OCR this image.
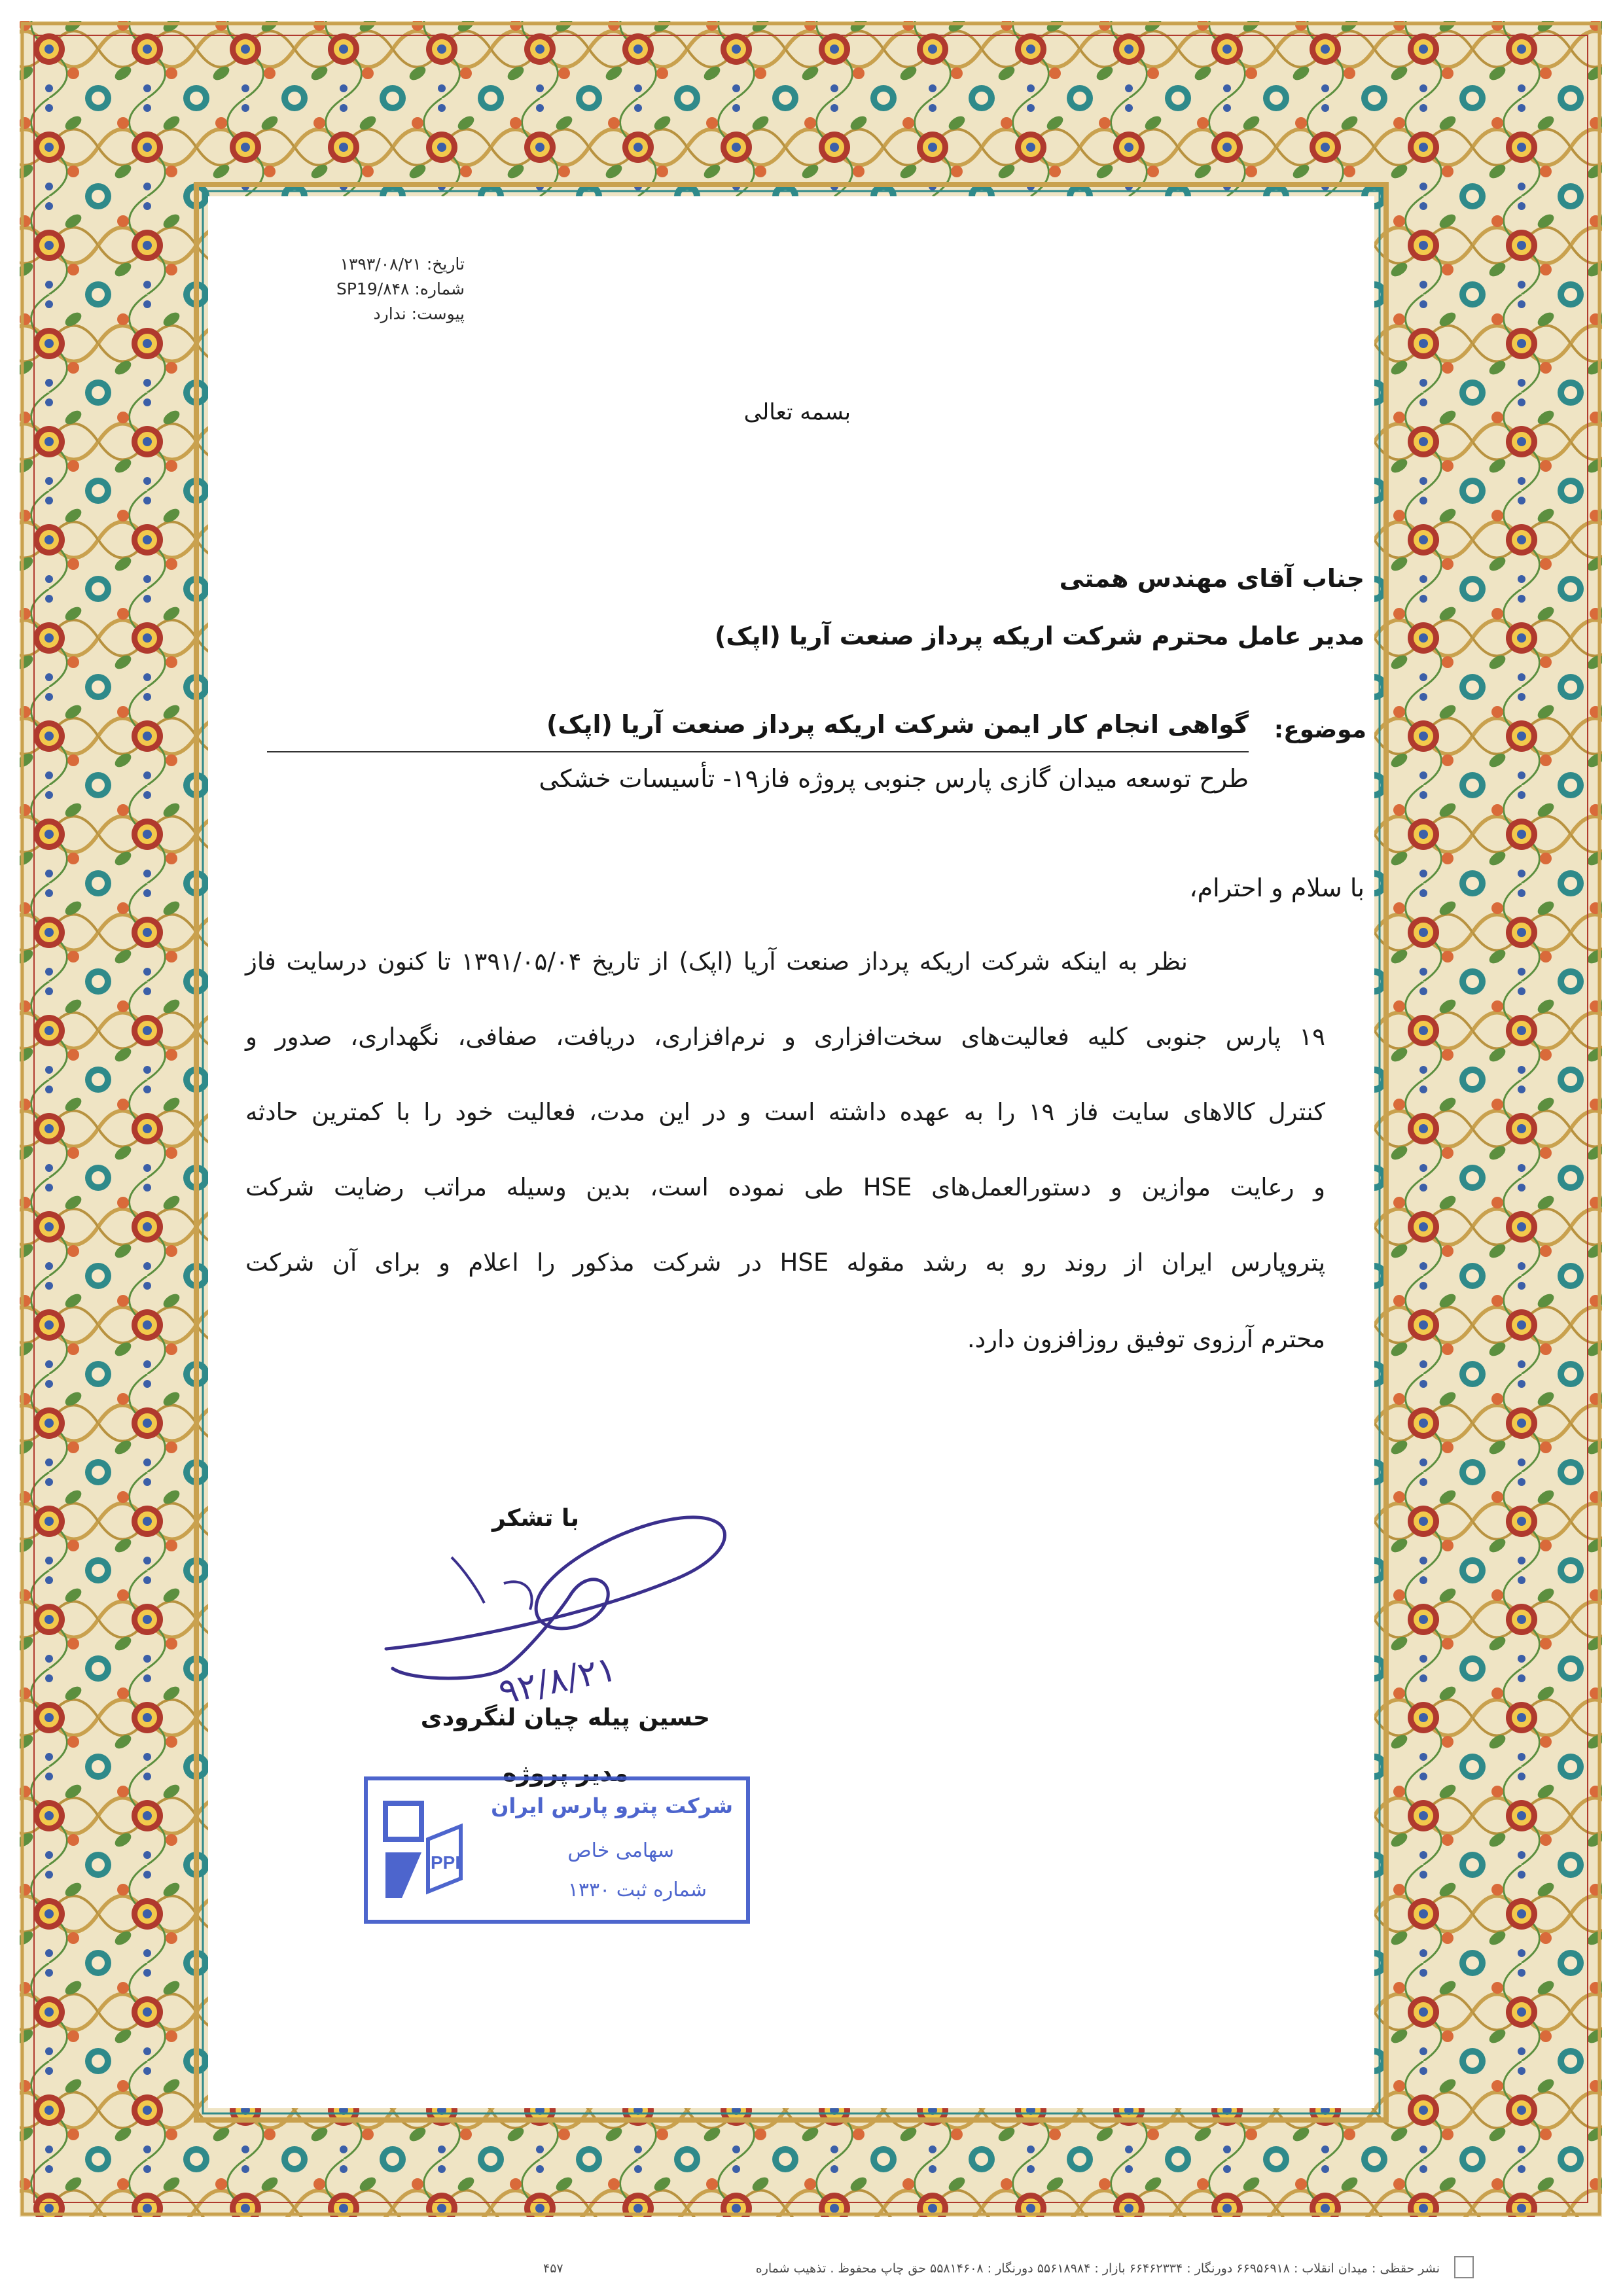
تاریخ: ۱۳۹۳/۰۸/۲۱
شماره: SP19/۸۴۸
پیوست: ندارد
بسمه تعالی
جناب آقای مهندس همتی
مدیر عامل محترم شرکت اریکه پرداز صنعت آریا (اپک)
موضوع:
گواهی انجام کار ایمن شرکت اریکه پرداز صنعت آریا (اپک)
طرح توسعه میدان گازی پارس جنوبی پروژه فاز۱۹- تأسیسات خشکی
با سلام و احترام،
نظر به اینکه شرکت اریکه پرداز صنعت آریا (اپک) از تاریخ ۱۳۹۱/۰۵/۰۴ تا کنون درسایت فاز
۱۹ پارس جنوبی کلیه فعالیت‌های سخت‌افزاری و نرم‌افزاری، دریافت، صفافی، نگهداری، صدور و
کنترل کالاهای سایت فاز ۱۹ را به عهده داشته است و در این مدت، فعالیت خود را با کمترین حادثه
و رعایت موازین و دستورالعمل‌های HSE طی نموده است، بدین وسیله مراتب رضایت شرکت
پتروپارس ایران از روند رو به رشد مقوله HSE در شرکت مذکور را اعلام و برای آن شرکت
محترم آرزوی توفیق روزافزون دارد.
با تشکر
۹۲/۸/۲۱
حسین پیله چیان لنگرودی
مدیر پروژه
PPI
شرکت پترو پارس ایران
سهامی خاص
شماره ثبت ۱۳۳۰
نشر حقظی : میدان انقلاب : ۶۶۹۵۶۹۱۸ دورنگار : ۶۶۴۶۲۳۳۴ بازار : ۵۵۶۱۸۹۸۴ دورنگار : ۵۵۸۱۴۶۰۸ حق چاپ محفوظ . تذهیب شماره
۴۵۷
